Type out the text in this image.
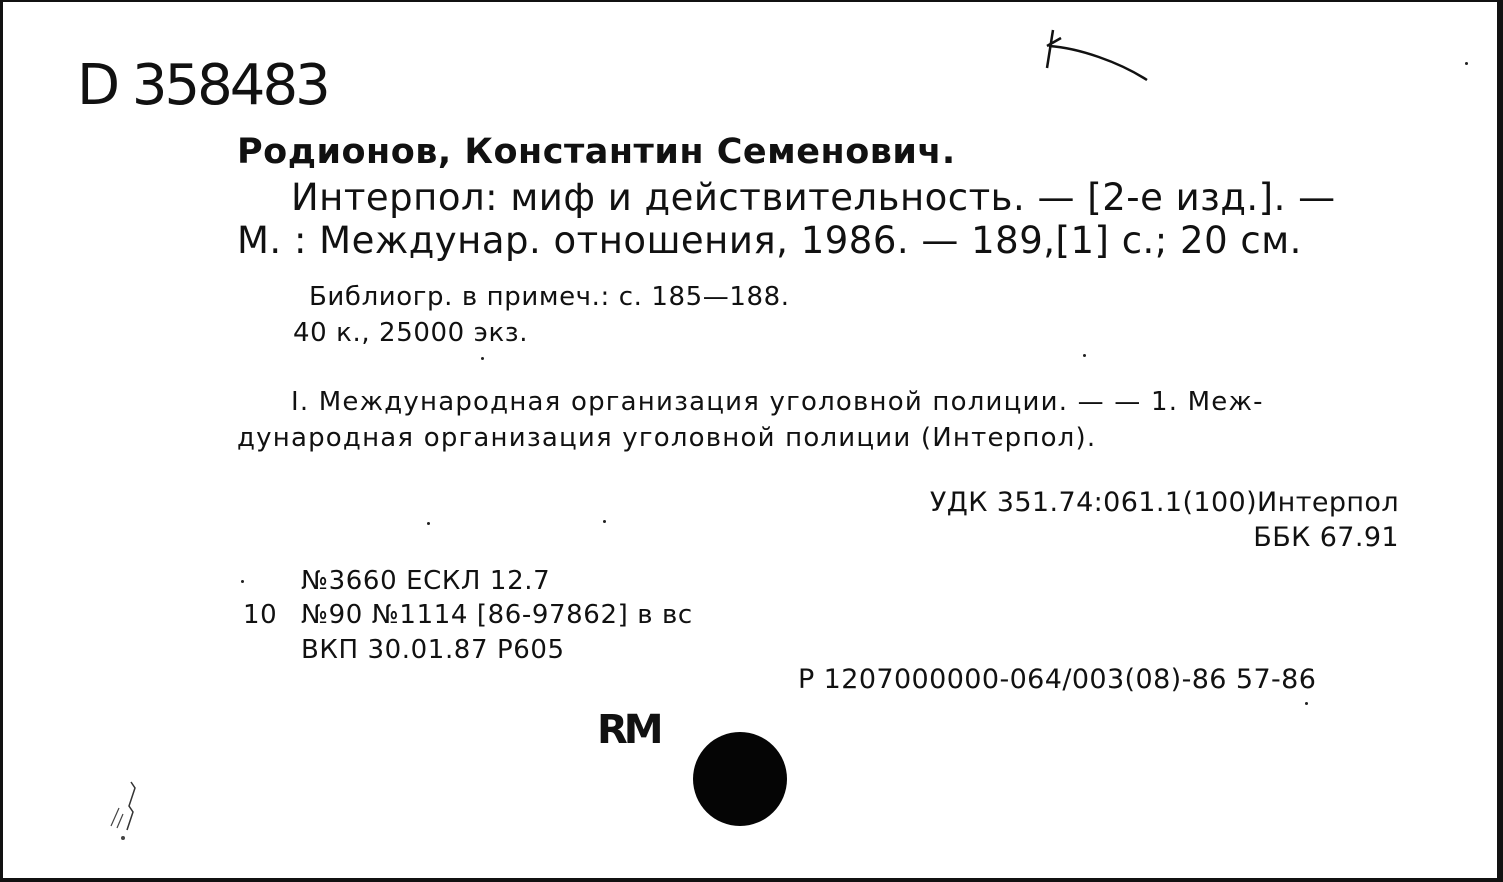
D 358483
Родионов, Константин Семенович.
Интерпол: миф и действительность. — [2-е изд.]. —
М. : Междунар. отношения, 1986. — 189,[1] с.; 20 см.
Библиогр. в примеч.: с. 185—188.
40 к., 25000 экз.
I. Международная организация уголовной полиции. — — 1. Меж-
дународная организация уголовной полиции (Интерпол).
УДК 351.74:061.1(100)Интерпол
ББК 67.91
№3660 ЕСКЛ 12.7
10 №90 №1114 [86-97862] в вс
ВКП 30.01.87 Р605
Р 1207000000-064/003(08)-86 57-86
RM
